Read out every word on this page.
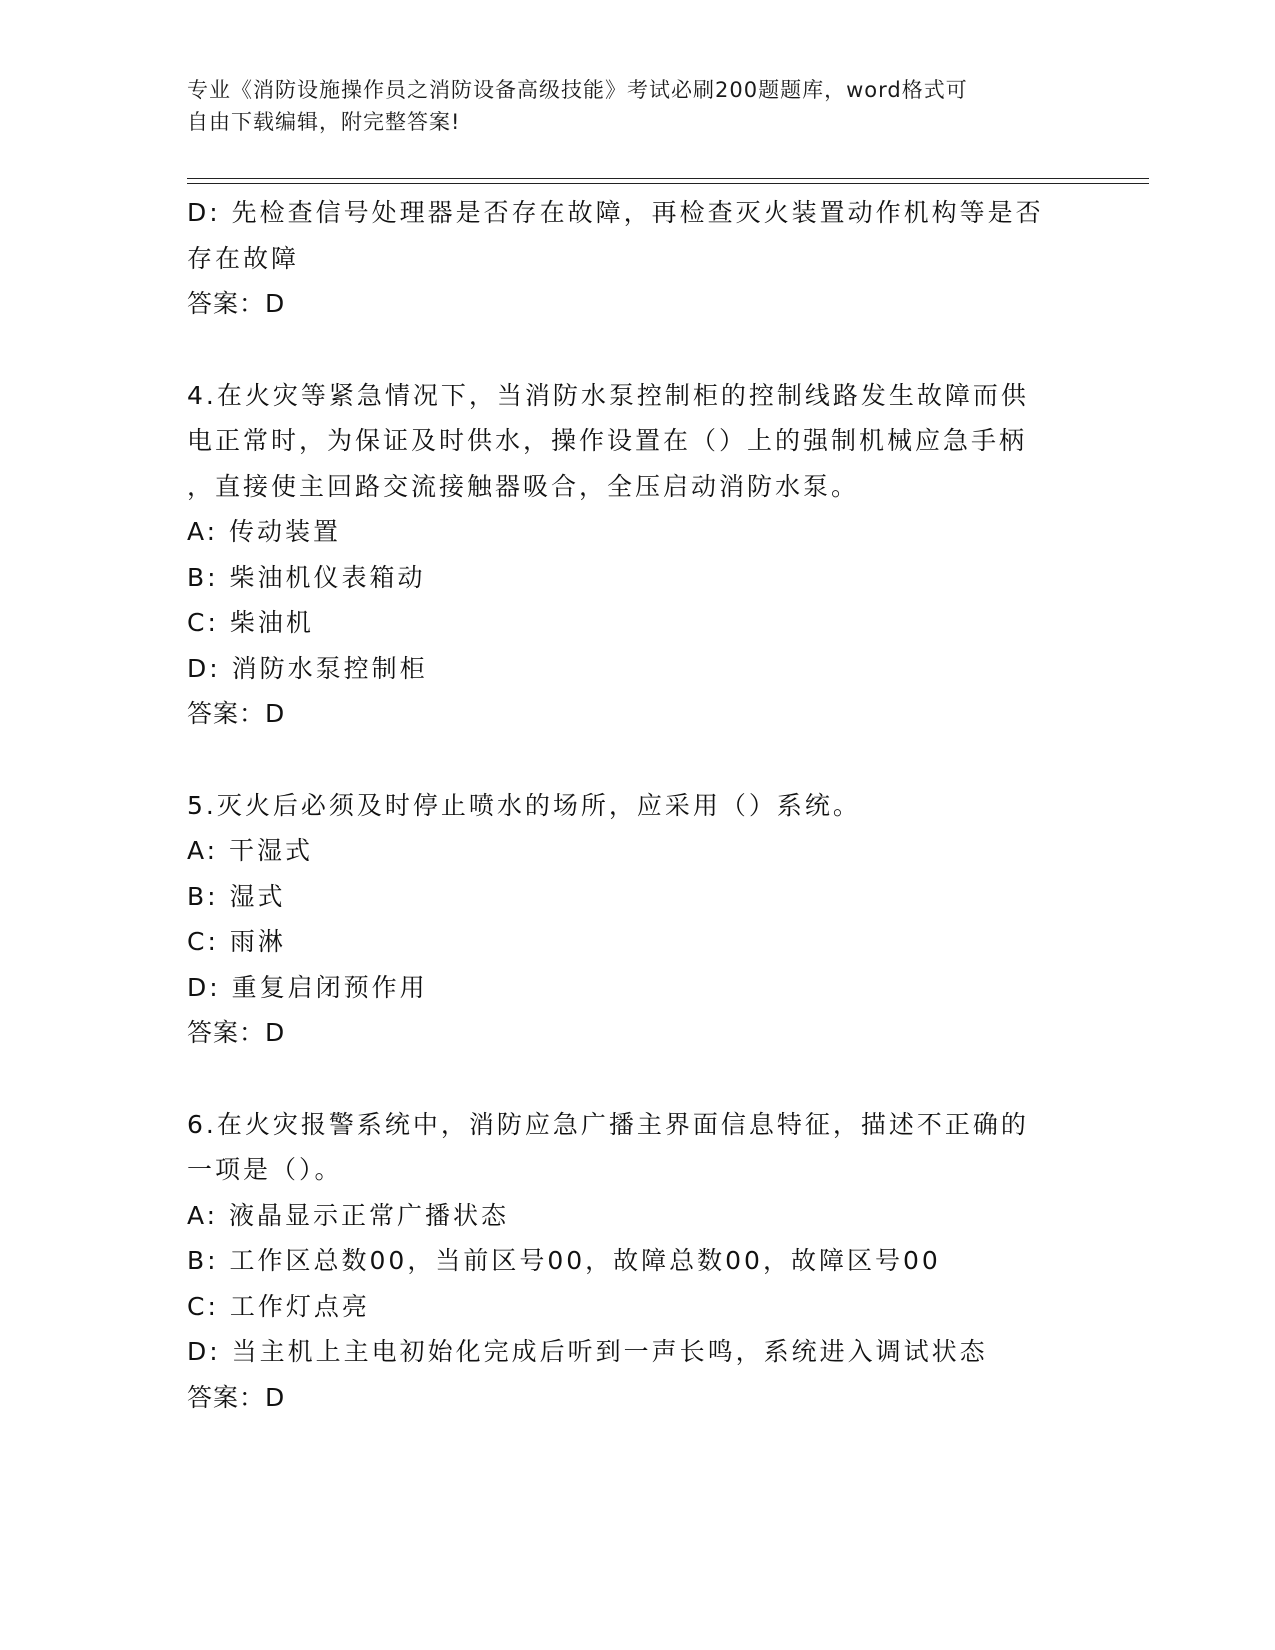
专业《消防设施操作员之消防设备高级技能》考试必刷200题题库，word格式可
自由下载编辑，附完整答案!
D: 先检查信号处理器是否存在故障，再检查灭火装置动作机构等是否
存在故障
答案：D
4.在火灾等紧急情况下，当消防水泵控制柜的控制线路发生故障而供
电正常时，为保证及时供水，操作设置在（）上的强制机械应急手柄
，直接使主回路交流接触器吸合，全压启动消防水泵。
A: 传动装置
B: 柴油机仪表箱动
C: 柴油机
D: 消防水泵控制柜
答案：D
5.灭火后必须及时停止喷水的场所，应采用（）系统。
A: 干湿式
B: 湿式
C: 雨淋
D: 重复启闭预作用
答案：D
6.在火灾报警系统中，消防应急广播主界面信息特征，描述不正确的
一项是（）。
A: 液晶显示正常广播状态
B: 工作区总数00，当前区号00，故障总数00，故障区号00
C: 工作灯点亮
D: 当主机上主电初始化完成后听到一声长鸣，系统进入调试状态
答案：D
